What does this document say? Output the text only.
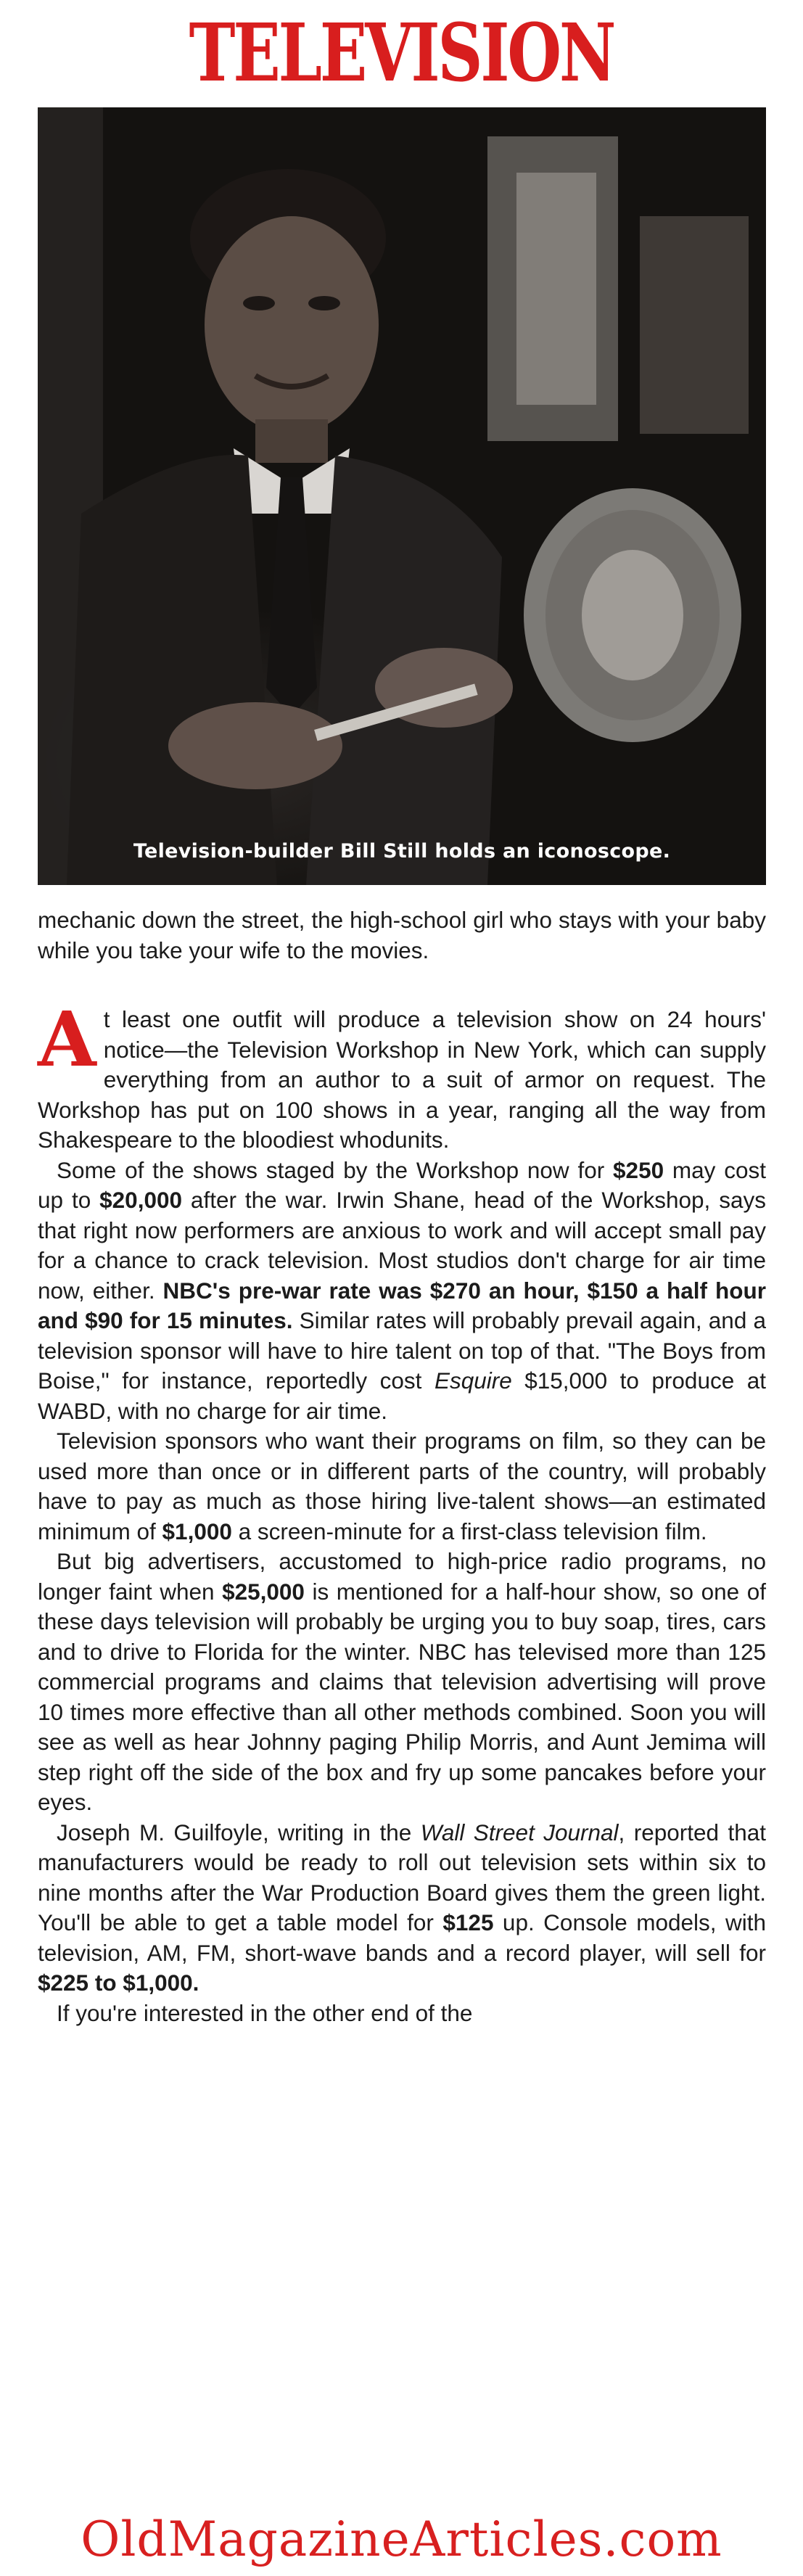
TELEVISION
Television-builder Bill Still holds an iconoscope.

mechanic down the street, the high-school girl who stays with your baby while you take your wife to the movies.

At least one outfit will produce a television show on 24 hours' notice—the Television Workshop in New York, which can supply everything from an author to a suit of armor on request. The Workshop has put on 100 shows in a year, ranging all the way from Shakespeare to the bloodiest whodunits.

Some of the shows staged by the Workshop now for $250 may cost up to $20,000 after the war. Irwin Shane, head of the Workshop, says that right now performers are anxious to work and will accept small pay for a chance to crack television. Most studios don't charge for air time now, either. NBC's pre-war rate was $270 an hour, $150 a half hour and $90 for 15 minutes. Similar rates will probably prevail again, and a television sponsor will have to hire talent on top of that. "The Boys from Boise," for instance, reportedly cost Esquire $15,000 to produce at WABD, with no charge for air time.

Television sponsors who want their programs on film, so they can be used more than once or in different parts of the country, will probably have to pay as much as those hiring live-talent shows—an estimated minimum of $1,000 a screen-minute for a first-class television film.

But big advertisers, accustomed to high-price radio programs, no longer faint when $25,000 is mentioned for a half-hour show, so one of these days television will probably be urging you to buy soap, tires, cars and to drive to Florida for the winter. NBC has televised more than 125 commercial programs and claims that television advertising will prove 10 times more effective than all other methods combined. Soon you will see as well as hear Johnny paging Philip Morris, and Aunt Jemima will step right off the side of the box and fry up some pancakes before your eyes.

Joseph M. Guilfoyle, writing in the Wall Street Journal, reported that manufacturers would be ready to roll out television sets within six to nine months after the War Production Board gives them the green light. You'll be able to get a table model for $125 up. Console models, with television, AM, FM, short-wave bands and a record player, will sell for $225 to $1,000.

If you're interested in the other end of the

OldMagazineArticles.com
